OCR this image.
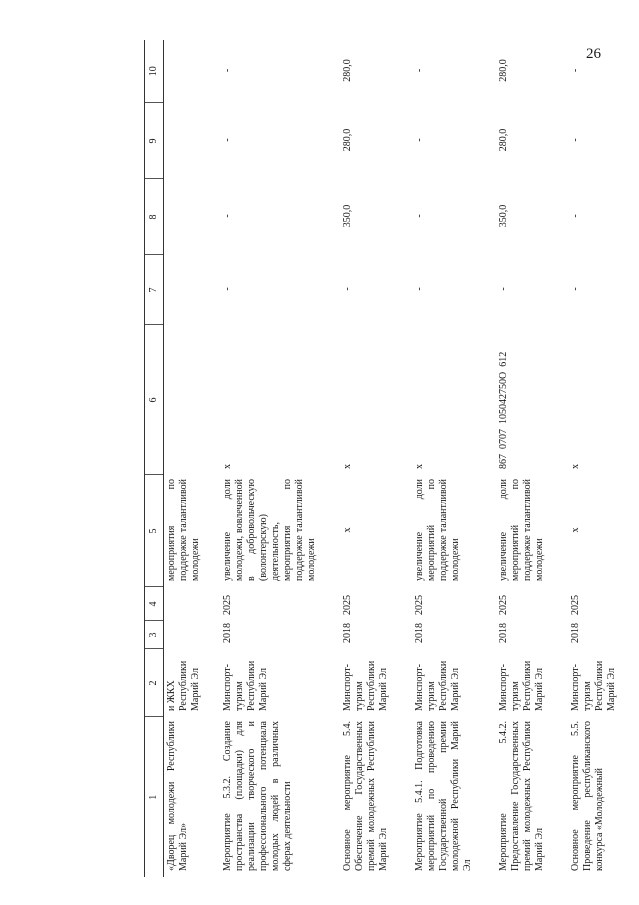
26
1	2	3	4	5	6	7	8	9	10
«Дворец молодежи Республики Марий Эл»	и ЖКХ Республики Марий Эл			мероприятия по поддержке талантливой молодежи					
Мероприятие 5.3.2. Создание пространства (площадки) для реализации творческого и профессионального потенциала молодых людей в различных сферах деятельности	Минспорт-туризм Республики Марий Эл	2018	2025	увеличение доли молодежи, вовлеченной в добровольческую (волонтерскую) деятельность, мероприятия по поддержке талантливой молодежи	х	-	-	-	-
Основное мероприятие 5.4. Обеспечение Государственных премий молодежных Республики Марий Эл	Минспорт-туризм Республики Марий Эл	2018	2025	х	х	-	350,0	280,0	280,0
Мероприятие 5.4.1. Подготовка мероприятий по проведению Государственной премии молодежной Республики Марий Эл	Минспорт-туризм Республики Марий Эл	2018	2025	увеличение доли мероприятий по поддержке талантливой молодежи	х	-	-	-	-
Мероприятие 5.4.2. Предоставление Государственных премий молодежных Республики Марий Эл	Минспорт-туризм Республики Марий Эл	2018	2025	увеличение доли мероприятий по поддержке талантливой молодежи	867  0707  105042750О  612	-	350,0	280,0	280,0
Основное мероприятие 5.5. Проведение республиканского конкурса «Молодежный	Минспорт-туризм Республики Марий Эл	2018	2025	х	х	-	-	-	-
